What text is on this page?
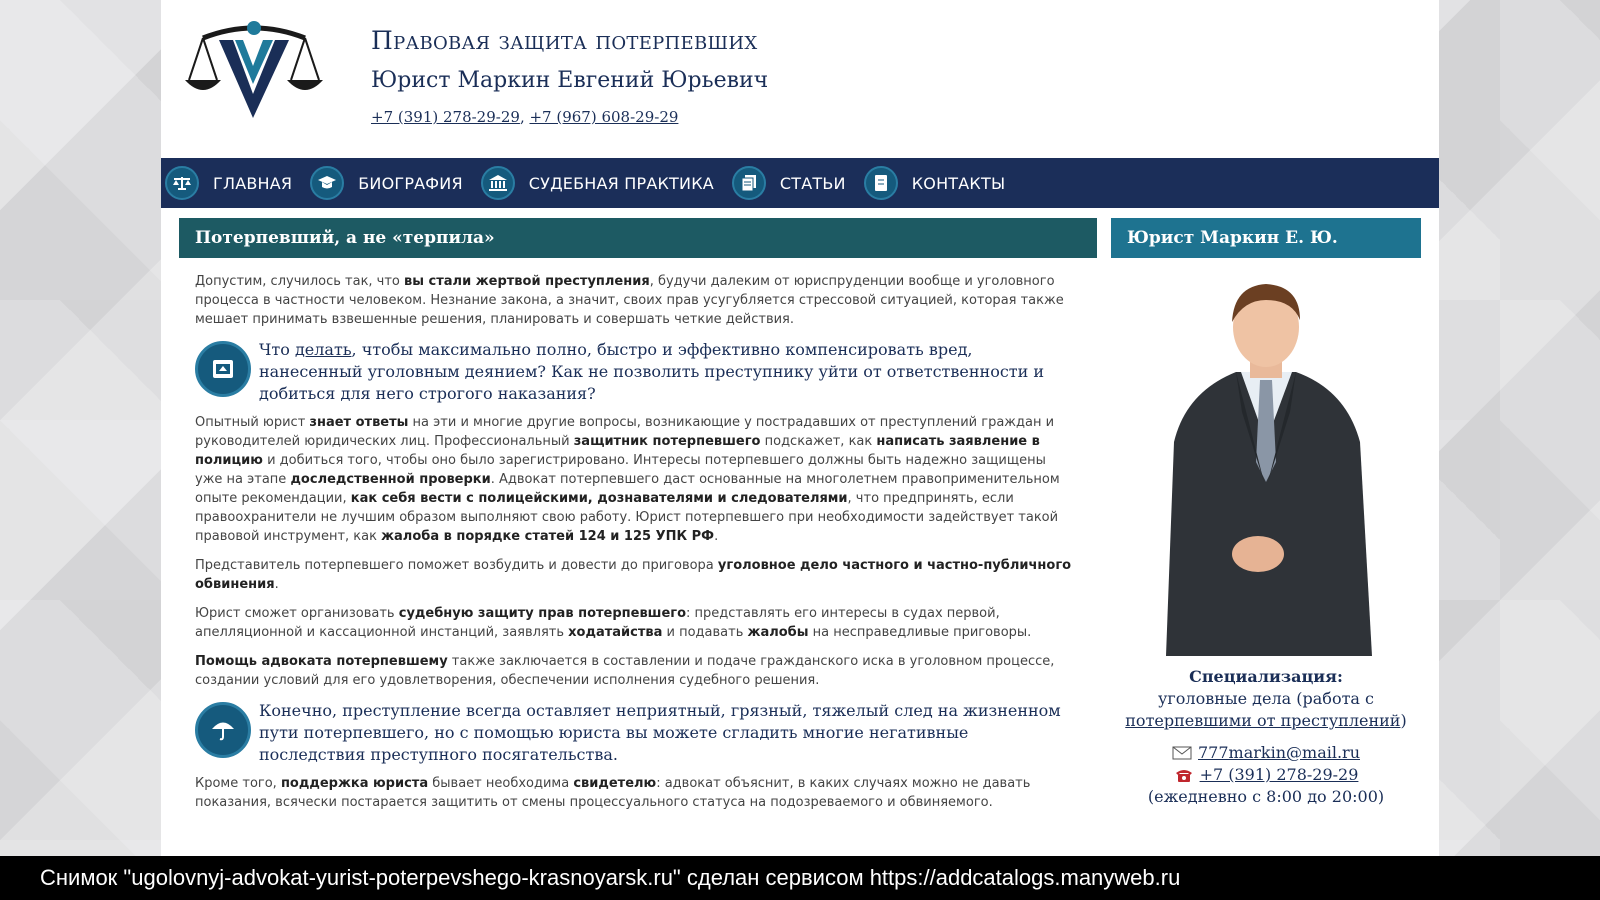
Правовая защита потерпевших
Юрист Маркин Евгений Юрьевич
+7 (391) 278-29-29, +7 (967) 608-29-29
ГЛАВНАЯ	БИОГРАФИЯ	СУДЕБНАЯ ПРАКТИКА	СТАТЬИ	КОНТАКТЫ
Потерпевший, а не «терпила»

Допустим, случилось так, что вы стали жертвой преступления, будучи далеким от юриспруденции вообще и уголовного процесса в частности человеком. Незнание закона, а значит, своих прав усугубляется стрессовой ситуацией, которая также мешает принимать взвешенные решения, планировать и совершать четкие действия.

Что делать, чтобы максимально полно, быстро и эффективно компенсировать вред, нанесенный уголовным деянием? Как не позволить преступнику уйти от ответственности и добиться для него строгого наказания?

Опытный юрист знает ответы на эти и многие другие вопросы, возникающие у пострадавших от преступлений граждан и руководителей юридических лиц. Профессиональный защитник потерпевшего подскажет, как написать заявление в полицию и добиться того, чтобы оно было зарегистрировано. Интересы потерпевшего должны быть надежно защищены уже на этапе доследственной проверки. Адвокат потерпевшего даст основанные на многолетнем правоприменительном опыте рекомендации, как себя вести с полицейскими, дознавателями и следователями, что предпринять, если правоохранители не лучшим образом выполняют свою работу. Юрист потерпевшего при необходимости задействует такой правовой инструмент, как жалоба в порядке статей 124 и 125 УПК РФ.

Представитель потерпевшего поможет возбудить и довести до приговора уголовное дело частного и частно-публичного обвинения.

Юрист сможет организовать судебную защиту прав потерпевшего: представлять его интересы в судах первой, апелляционной и кассационной инстанций, заявлять ходатайства и подавать жалобы на несправедливые приговоры.

Помощь адвоката потерпевшему также заключается в составлении и подаче гражданского иска в уголовном процессе, создании условий для его удовлетворения, обеспечении исполнения судебного решения.

Конечно, преступление всегда оставляет неприятный, грязный, тяжелый след на жизненном пути потерпевшего, но с помощью юриста вы можете сгладить многие негативные последствия преступного посягательства.

Кроме того, поддержка юриста бывает необходима свидетелю: адвокат объяснит, в каких случаях можно не давать показания, всячески постарается защитить от смены процессуального статуса на подозреваемого и обвиняемого.

Юрист Маркин Е. Ю.
Специализация:
уголовные дела (работа с потерпевшими от преступлений)
777markin@mail.ru
+7 (391) 278-29-29
(ежедневно с 8:00 до 20:00)
Снимок "ugolovnyj-advokat-yurist-poterpevshego-krasnoyarsk.ru" сделан сервисом https://addcatalogs.manyweb.ru
